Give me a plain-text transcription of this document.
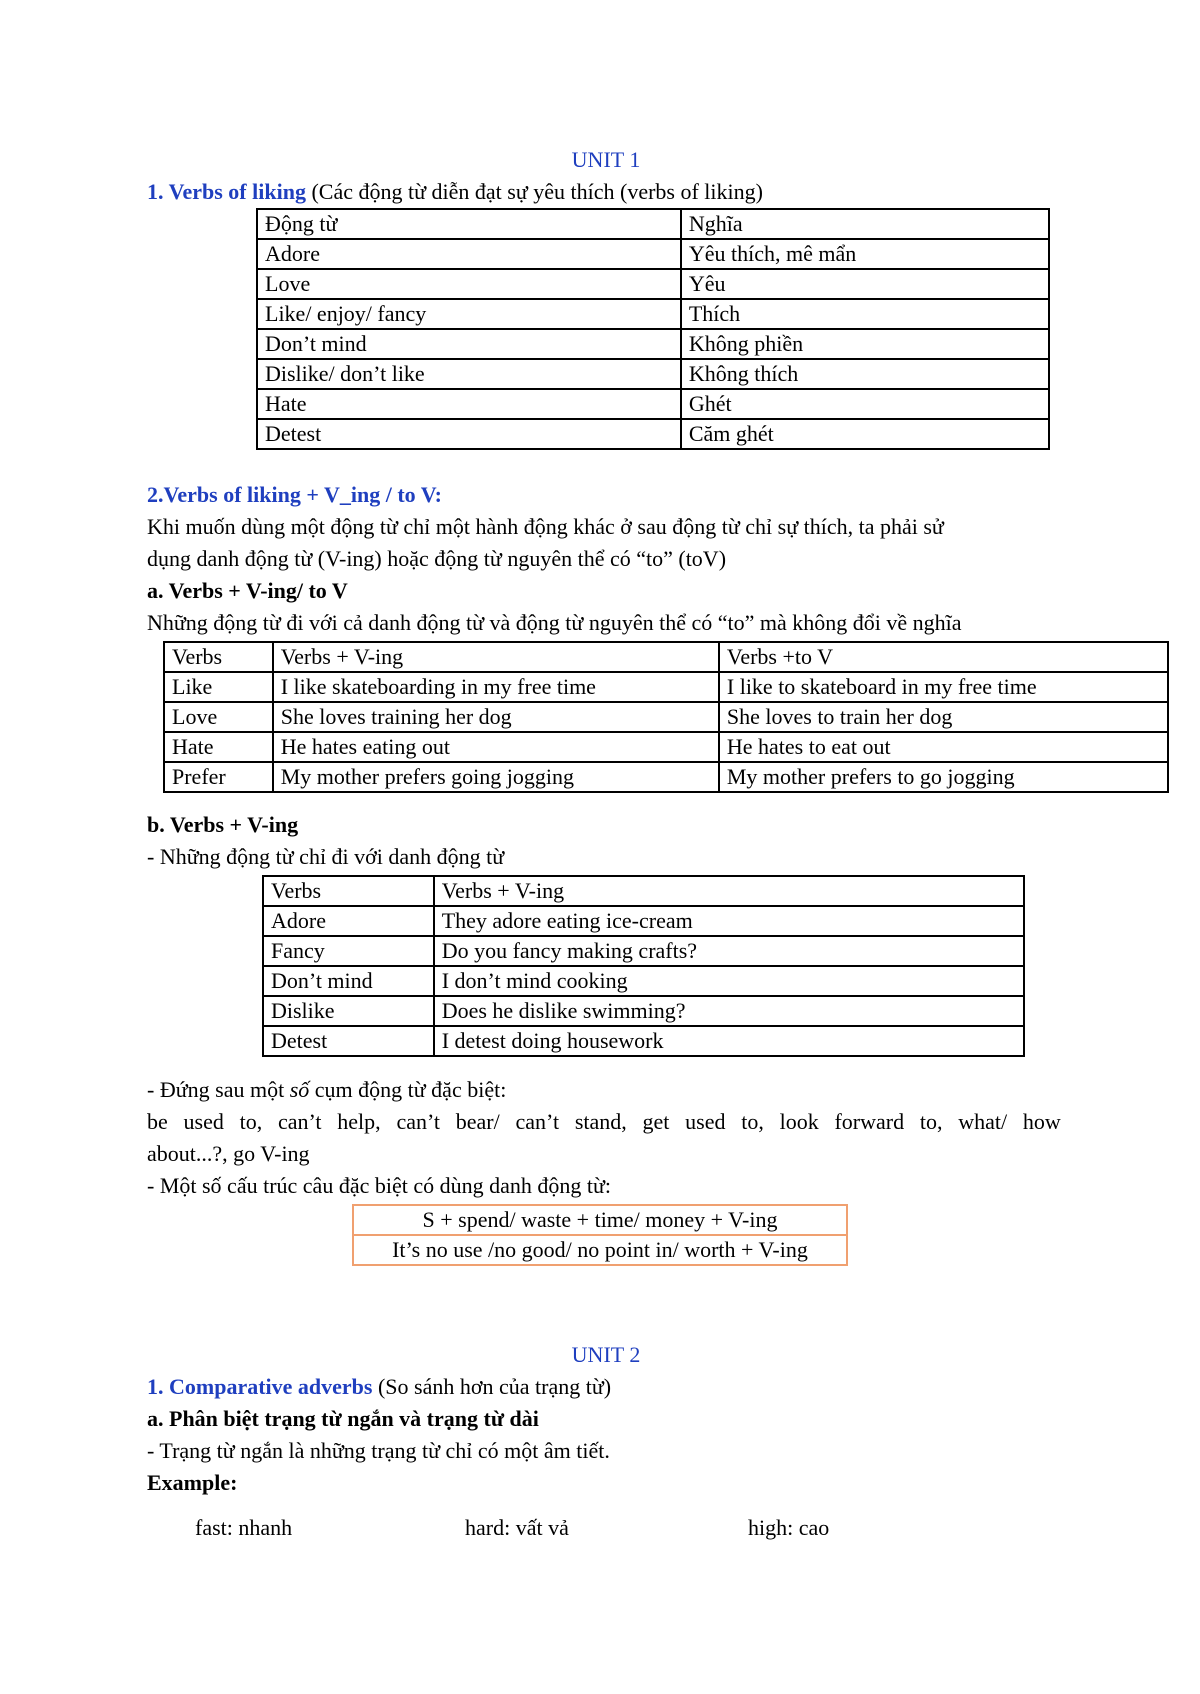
UNIT 1
1. Verbs of liking (Các động từ diễn đạt sự yêu thích (verbs of liking)
Động từ	Nghĩa
Adore	Yêu thích, mê mẩn
Love	Yêu
Like/ enjoy/ fancy	Thích
Don’t mind	Không phiền
Dislike/ don’t like	Không thích
Hate	Ghét
Detest	Căm ghét
2.Verbs of liking + V_ing / to V:
Khi muốn dùng một động từ chỉ một hành động khác ở sau động từ chỉ sự thích, ta phải sử
dụng danh động từ (V-ing) hoặc động từ nguyên thể có “to” (toV)
a. Verbs + V-ing/ to V
Những động từ đi với cả danh động từ và động từ nguyên thể có “to” mà không đổi về nghĩa
Verbs	Verbs + V-ing	Verbs +to V
Like	I like skateboarding in my free time	I like to skateboard in my free time
Love	She loves training her dog	She loves to train her dog
Hate	He hates eating out	He hates to eat out
Prefer	My mother prefers going jogging	My mother prefers to go jogging
b. Verbs + V-ing
- Những động từ chỉ đi với danh động từ
Verbs	Verbs + V-ing
Adore	They adore eating ice-cream
Fancy	Do you fancy making crafts?
Don’t mind	I don’t mind cooking
Dislike	Does he dislike swimming?
Detest	I detest doing housework
- Đứng sau một số cụm động từ đặc biệt:
be used to, can’t help, can’t bear/ can’t stand, get used to, look forward to, what/ how
about...?, go V-ing
- Một số cấu trúc câu đặc biệt có dùng danh động từ:
S + spend/ waste + time/ money + V-ing
It’s no use /no good/ no point in/ worth + V-ing
UNIT 2
1. Comparative adverbs (So sánh hơn của trạng từ)
a. Phân biệt trạng từ ngắn và trạng từ dài
- Trạng từ ngắn là những trạng từ chỉ có một âm tiết.
Example:
fast: nhanh	hard: vất vả	high: cao
